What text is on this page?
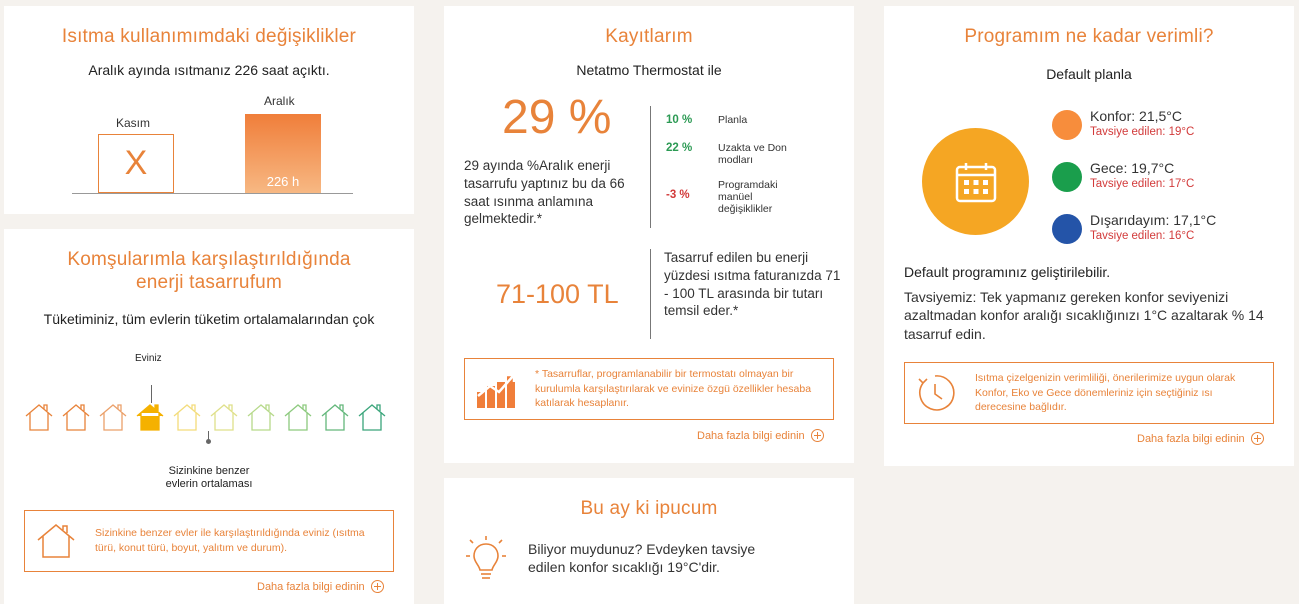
Isıtma kullanımımdaki değişiklikler
Aralık ayında ısıtmanız 226 saat açıktı.
Kasım
X
Aralık
226 h
Komşularımla karşılaştırıldığında
enerji tasarrufum
Tüketiminiz, tüm evlerin tüketim ortalamalarından çok
Eviniz
Sizinkine benzer
evlerin ortalaması
Sizinkine benzer evler ile karşılaştırıldığında eviniz (ısıtma türü, konut türü, boyut, yalıtım ve durum).
Daha fazla bilgi edinin
Kayıtlarım
Netatmo Thermostat ile
29 %
29 ayında %Aralık enerji tasarrufu yaptınız bu da 66 saat ısınma anlamına gelmektedir.*
10 %	Planla
22 %	Uzakta ve Don modları
-3 %
Programdaki manüel değişiklikler
71-100 TL
Tasarruf edilen bu enerji yüzdesi ısıtma faturanızda 71 - 100 TL arasında bir tutarı temsil eder.*
* Tasarruflar, programlanabilir bir termostatı olmayan bir kurulumla karşılaştırılarak ve evinize özgü özellikler hesaba katılarak hesaplanır.
Daha fazla bilgi edinin
Bu ay ki ipucum
Biliyor muydunuz? Evdeyken tavsiye
edilen konfor sıcaklığı 19°C'dir.
Programım ne kadar verimli?
Default planla
Konfor: 21,5°C
Tavsiye edilen: 19°C
Gece: 19,7°C
Tavsiye edilen: 17°C
Dışarıdayım: 17,1°C
Tavsiye edilen: 16°C
Default programınız geliştirilebilir.
Tavsiyemiz: Tek yapmanız gereken konfor seviyenizi azaltmadan konfor aralığı sıcaklığınızı 1°C azaltarak % 14 tasarruf edin.
Isıtma çizelgenizin verimliliği, önerilerimize uygun olarak Konfor, Eko ve Gece dönemleriniz için seçtiğiniz ısı derecesine bağlıdır.
Daha fazla bilgi edinin
